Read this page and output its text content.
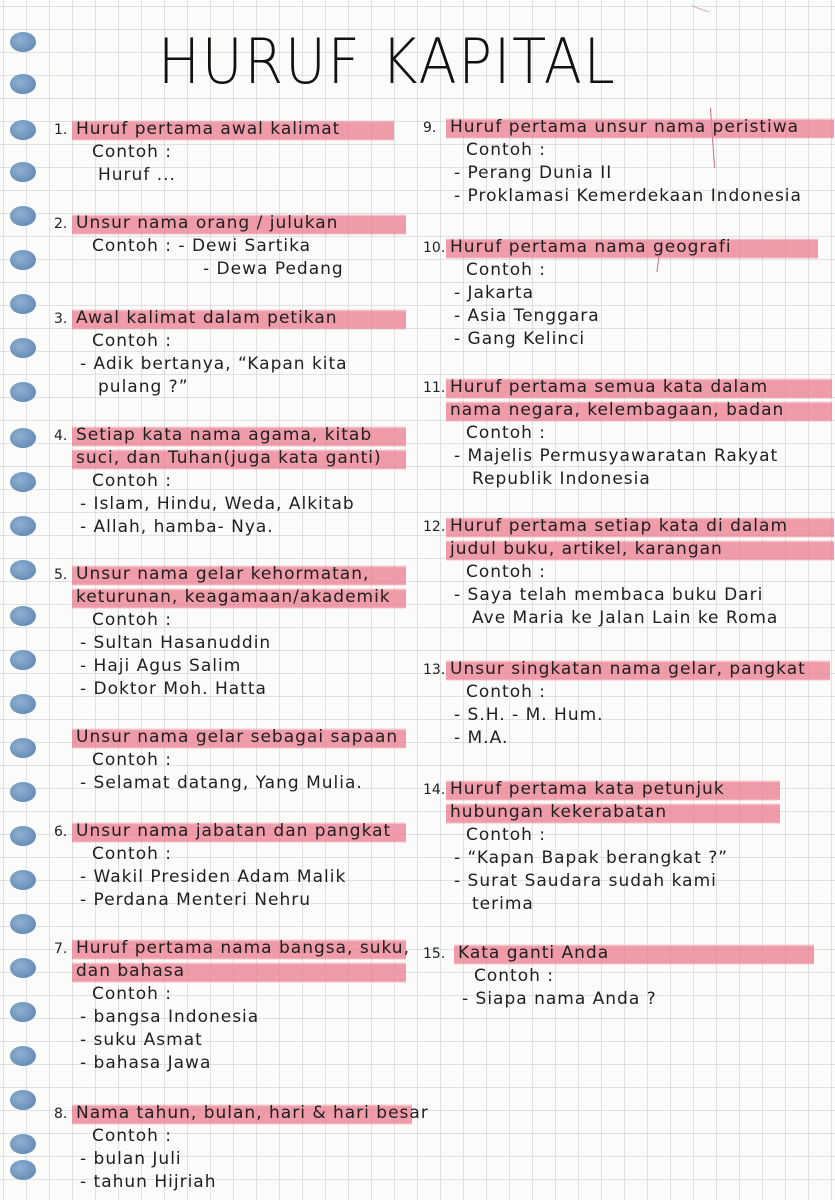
HURUF KAPITAL
1. Huruf pertama awal kalimat
Contoh :
Huruf ...
2. Unsur nama orang / julukan
Contoh : - Dewi Sartika
- Dewa Pedang
3. Awal kalimat dalam petikan
Contoh :
- Adik bertanya, “Kapan kita
pulang ?”
4. Setiap kata nama agama, kitab
suci, dan Tuhan(juga kata ganti)
Contoh :
- Islam, Hindu, Weda, Alkitab
- Allah, hamba- Nya.
5. Unsur nama gelar kehormatan,
keturunan, keagamaan/akademik
Contoh :
- Sultan Hasanuddin
- Haji Agus Salim
- Doktor Moh. Hatta
Unsur nama gelar sebagai sapaan
Contoh :
- Selamat datang, Yang Mulia.
6. Unsur nama jabatan dan pangkat
Contoh :
- Wakil Presiden Adam Malik
- Perdana Menteri Nehru
7. Huruf pertama nama bangsa, suku,
dan bahasa
Contoh :
- bangsa Indonesia
- suku Asmat
- bahasa Jawa
8. Nama tahun, bulan, hari & hari besar
Contoh :
- bulan Juli
- tahun Hijriah
9. Huruf pertama unsur nama peristiwa
Contoh :
- Perang Dunia II
- Proklamasi Kemerdekaan Indonesia
10. Huruf pertama nama geografi
Contoh :
- Jakarta
- Asia Tenggara
- Gang Kelinci
11. Huruf pertama semua kata dalam
nama negara, kelembagaan, badan
Contoh :
- Majelis Permusyawaratan Rakyat
Republik Indonesia
12. Huruf pertama setiap kata di dalam
judul buku, artikel, karangan
Contoh :
- Saya telah membaca buku Dari
Ave Maria ke Jalan Lain ke Roma
13. Unsur singkatan nama gelar, pangkat
Contoh :
- S.H. - M. Hum.
- M.A.
14. Huruf pertama kata petunjuk
hubungan kekerabatan
Contoh :
- “Kapan Bapak berangkat ?”
- Surat Saudara sudah kami
terima
15. Kata ganti Anda
Contoh :
- Siapa nama Anda ?
